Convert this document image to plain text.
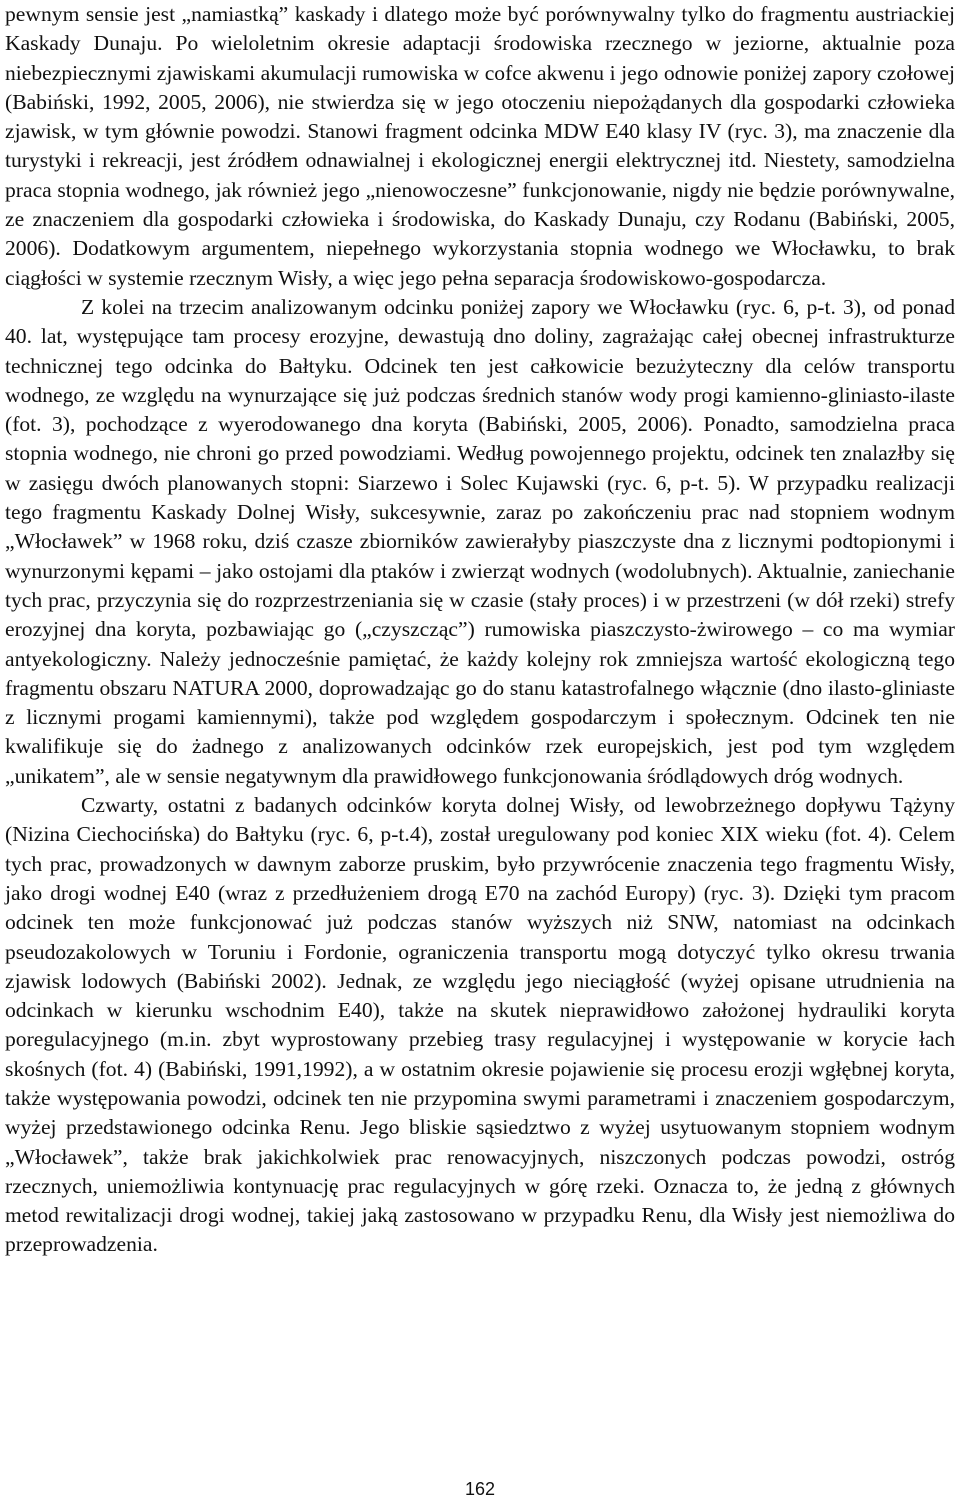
pewnym sensie jest „namiastką” kaskady i dlatego może być porównywalny tylko do fragmentu austriackiej Kaskady Dunaju. Po wieloletnim okresie adaptacji środowiska rzecznego w jeziorne, aktualnie poza niebezpiecznymi zjawiskami akumulacji rumowiska w cofce akwenu i jego odnowie poniżej zapory czołowej (Babiński, 1992, 2005, 2006), nie stwierdza się w jego otoczeniu niepożądanych dla gospodarki człowieka zjawisk, w tym głównie powodzi. Stanowi fragment odcinka MDW E40 klasy IV (ryc. 3), ma znaczenie dla turystyki i rekreacji, jest źródłem odnawialnej i ekologicznej energii elektrycznej itd. Niestety, samodzielna praca stopnia wodnego, jak również jego „nienowoczesne” funkcjonowanie, nigdy nie będzie porównywalne, ze znaczeniem dla gospodarki człowieka i środowiska, do Kaskady Dunaju, czy Rodanu (Babiński, 2005, 2006). Dodatkowym argumentem, niepełnego wykorzystania stopnia wodnego we Włocławku, to brak ciągłości w systemie rzecznym Wisły, a więc jego pełna separacja środowiskowo-gospodarcza.

Z kolei na trzecim analizowanym odcinku poniżej zapory we Włocławku (ryc. 6, p-t. 3), od ponad 40. lat, występujące tam procesy erozyjne, dewastują dno doliny, zagrażając całej obecnej infrastrukturze technicznej tego odcinka do Bałtyku. Odcinek ten jest całkowicie bezużyteczny dla celów transportu wodnego, ze względu na wynurzające się już podczas średnich stanów wody progi kamienno-gliniasto-ilaste (fot. 3), pochodzące z wyerodowanego dna koryta (Babiński, 2005, 2006). Ponadto, samodzielna praca stopnia wodnego, nie chroni go przed powodziami. Według powojennego projektu, odcinek ten znalazłby się w zasięgu dwóch planowanych stopni: Siarzewo i Solec Kujawski (ryc. 6, p-t. 5). W przypadku realizacji tego fragmentu Kaskady Dolnej Wisły, sukcesywnie, zaraz po zakończeniu prac nad stopniem wodnym „Włocławek” w 1968 roku, dziś czasze zbiorników zawierałyby piaszczyste dna z licznymi podtopionymi i wynurzonymi kępami – jako ostojami dla ptaków i zwierząt wodnych (wodolubnych). Aktualnie, zaniechanie tych prac, przyczynia się do rozprzestrzeniania się w czasie (stały proces) i w przestrzeni (w dół rzeki) strefy erozyjnej dna koryta, pozbawiając go („czyszcząc”) rumowiska piaszczysto-żwirowego – co ma wymiar antyekologiczny. Należy jednocześnie pamiętać, że każdy kolejny rok zmniejsza wartość ekologiczną tego fragmentu obszaru NATURA 2000, doprowadzając go do stanu katastrofalnego włącznie (dno ilasto-gliniaste z licznymi progami kamiennymi), także pod względem gospodarczym i społecznym. Odcinek ten nie kwalifikuje się do żadnego z analizowanych odcinków rzek europejskich, jest pod tym względem „unikatem”, ale w sensie negatywnym dla prawidłowego funkcjonowania śródlądowych dróg wodnych.

Czwarty, ostatni z badanych odcinków koryta dolnej Wisły, od lewobrzeżnego dopływu Tążyny (Nizina Ciechocińska) do Bałtyku (ryc. 6, p-t.4), został uregulowany pod koniec XIX wieku (fot. 4). Celem tych prac, prowadzonych w dawnym zaborze pruskim, było przywrócenie znaczenia tego fragmentu Wisły, jako drogi wodnej E40 (wraz z przedłużeniem drogą E70 na zachód Europy) (ryc. 3). Dzięki tym pracom odcinek ten może funkcjonować już podczas stanów wyższych niż SNW, natomiast na odcinkach pseudozakolowych w Toruniu i Fordonie, ograniczenia transportu mogą dotyczyć tylko okresu trwania zjawisk lodowych (Babiński 2002). Jednak, ze względu jego nieciągłość (wyżej opisane utrudnienia na odcinkach w kierunku wschodnim E40), także na skutek nieprawidłowo założonej hydrauliki koryta poregulacyjnego (m.in. zbyt wyprostowany przebieg trasy regulacyjnej i występowanie w korycie łach skośnych (fot. 4) (Babiński, 1991,1992), a w ostatnim okresie pojawienie się procesu erozji wgłębnej koryta, także występowania powodzi, odcinek ten nie przypomina swymi parametrami i znaczeniem gospodarczym, wyżej przedstawionego odcinka Renu. Jego bliskie sąsiedztwo z wyżej usytuowanym stopniem wodnym „Włocławek”, także brak jakichkolwiek prac renowacyjnych, niszczonych podczas powodzi, ostróg rzecznych, uniemożliwia kontynuację prac regulacyjnych w górę rzeki. Oznacza to, że jedną z głównych metod rewitalizacji drogi wodnej, takiej jaką zastosowano w przypadku Renu, dla Wisły jest niemożliwa do przeprowadzenia.

162
